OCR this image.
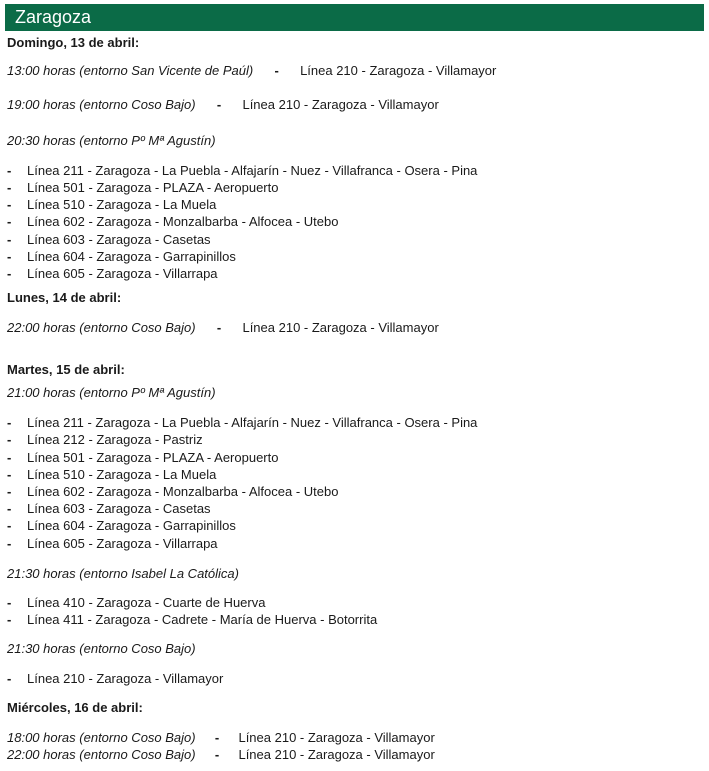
Zaragoza
Domingo, 13 de abril:
13:00 horas (entorno San Vicente de Paúl) - Línea 210 - Zaragoza - Villamayor
19:00 horas (entorno Coso Bajo) - Línea 210 - Zaragoza - Villamayor
20:30 horas (entorno Pº Mª Agustín)
- Línea 211 - Zaragoza - La Puebla - Alfajarín - Nuez - Villafranca - Osera - Pina
- Línea 501 - Zaragoza - PLAZA - Aeropuerto
- Línea 510 - Zaragoza - La Muela
- Línea 602 - Zaragoza - Monzalbarba - Alfocea - Utebo
- Línea 603 - Zaragoza - Casetas
- Línea 604 - Zaragoza - Garrapinillos
- Línea 605 - Zaragoza - Villarrapa
Lunes, 14 de abril:
22:00 horas (entorno Coso Bajo) - Línea 210 - Zaragoza - Villamayor
Martes, 15 de abril:
21:00 horas (entorno Pº Mª Agustín)
- Línea 211 - Zaragoza - La Puebla - Alfajarín - Nuez - Villafranca - Osera - Pina
- Línea 212 - Zaragoza - Pastriz
- Línea 501 - Zaragoza - PLAZA - Aeropuerto
- Línea 510 - Zaragoza - La Muela
- Línea 602 - Zaragoza - Monzalbarba - Alfocea - Utebo
- Línea 603 - Zaragoza - Casetas
- Línea 604 - Zaragoza - Garrapinillos
- Línea 605 - Zaragoza - Villarrapa
21:30 horas (entorno Isabel La Católica)
- Línea 410 - Zaragoza - Cuarte de Huerva
- Línea 411 - Zaragoza - Cadrete - María de Huerva - Botorrita
21:30 horas (entorno Coso Bajo)
- Línea 210 - Zaragoza - Villamayor
Miércoles, 16 de abril:
18:00 horas (entorno Coso Bajo) - Línea 210 - Zaragoza - Villamayor
22:00 horas (entorno Coso Bajo) - Línea 210 - Zaragoza - Villamayor
